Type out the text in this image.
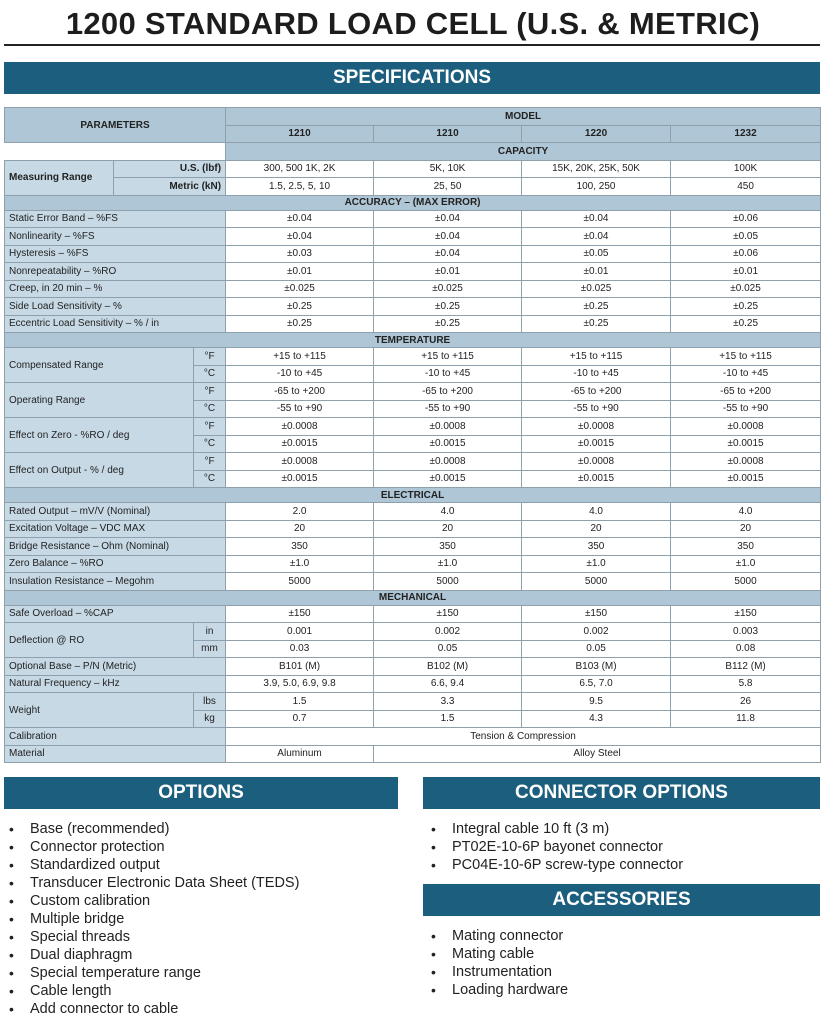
1200 STANDARD LOAD CELL (U.S. & METRIC)
SPECIFICATIONS
PARAMETERS			MODEL			
			1210	1210	1220	1232
			CAPACITY			
Measuring Range	U.S. (lbf)		300, 500 1K, 2K	5K, 10K	15K, 20K, 25K, 50K	100K
	Metric (kN)		1.5, 2.5, 5, 10	25, 50	100, 250	450
ACCURACY – (MAX ERROR)						
Static Error Band – %FS			±0.04	±0.04	±0.04	±0.06
Nonlinearity – %FS			±0.04	±0.04	±0.04	±0.05
Hysteresis – %FS			±0.03	±0.04	±0.05	±0.06
Nonrepeatability – %RO			±0.01	±0.01	±0.01	±0.01
Creep, in 20 min – %			±0.025	±0.025	±0.025	±0.025
Side Load Sensitivity – %			±0.25	±0.25	±0.25	±0.25
Eccentric Load Sensitivity – % / in			±0.25	±0.25	±0.25	±0.25
TEMPERATURE						
Compensated Range		°F	+15 to +115	+15 to +115	+15 to +115	+15 to +115
		°C	-10 to +45	-10 to +45	-10 to +45	-10 to +45
Operating Range		°F	-65 to +200	-65 to +200	-65 to +200	-65 to +200
		°C	-55 to +90	-55 to +90	-55 to +90	-55 to +90
Effect on Zero - %RO / deg		°F	±0.0008	±0.0008	±0.0008	±0.0008
		°C	±0.0015	±0.0015	±0.0015	±0.0015
Effect on Output - % / deg		°F	±0.0008	±0.0008	±0.0008	±0.0008
		°C	±0.0015	±0.0015	±0.0015	±0.0015
ELECTRICAL						
Rated Output – mV/V (Nominal)			2.0	4.0	4.0	4.0
Excitation Voltage – VDC MAX			20	20	20	20
Bridge Resistance – Ohm (Nominal)			350	350	350	350
Zero Balance – %RO			±1.0	±1.0	±1.0	±1.0
Insulation Resistance – Megohm			5000	5000	5000	5000
MECHANICAL						
Safe Overload – %CAP			±150	±150	±150	±150
Deflection @ RO		in	0.001	0.002	0.002	0.003
		mm	0.03	0.05	0.05	0.08
Optional Base – P/N (Metric)			B101 (M)	B102 (M)	B103 (M)	B112 (M)
Natural Frequency – kHz			3.9, 5.0, 6.9, 9.8	6.6, 9.4	6.5, 7.0	5.8
Weight		lbs	1.5	3.3	9.5	26
		kg	0.7	1.5	4.3	11.8
Calibration			Tension & Compression			
Material			Aluminum	Alloy Steel		
OPTIONS
• Base (recommended)
• Connector protection
• Standardized output
• Transducer Electronic Data Sheet (TEDS)
• Custom calibration
• Multiple bridge
• Special threads
• Dual diaphragm
• Special temperature range
• Cable length
• Add connector to cable
CONNECTOR OPTIONS
• Integral cable 10 ft (3 m)
• PT02E-10-6P bayonet connector
• PC04E-10-6P screw-type connector
ACCESSORIES
• Mating connector
• Mating cable
• Instrumentation
• Loading hardware
